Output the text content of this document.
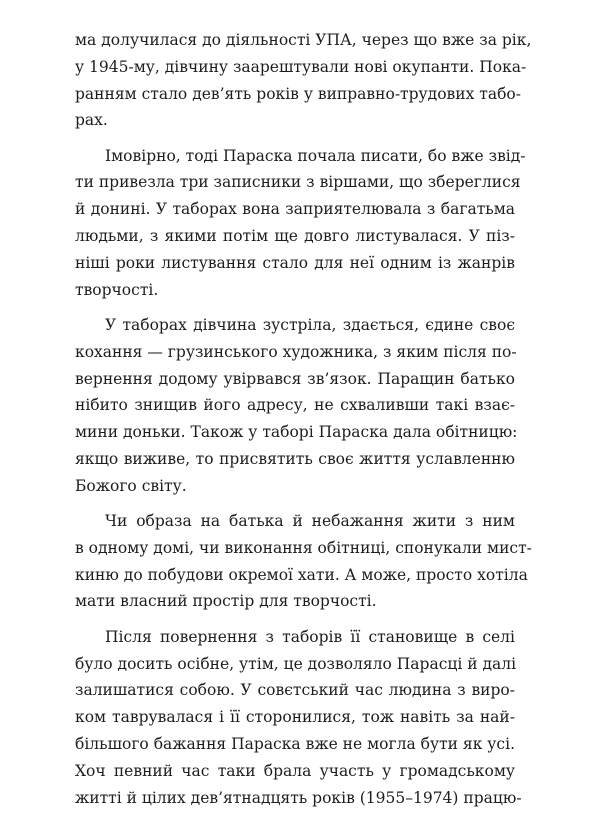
ма долучилася до діяльності УПА, через що вже за рік,
у 1945-му, дівчину заарештували нові окупанти. Пока-
ранням стало дев’ять років у виправно-трудових табо-
рах.
Імовірно, тоді Параска почала писати, бо вже звід-
ти привезла три записники з віршами, що збереглися
й донині. У таборах вона заприятелювала з багатьма
людьми, з якими потім ще довго листувалася. У піз-
ніші роки листування стало для неї одним із жанрів
творчості.
У таборах дівчина зустріла, здається, єдине своє
кохання — грузинського художника, з яким після по-
вернення додому увірвався зв’язок. Паращин батько
нібито знищив його адресу, не схваливши такі взає-
мини доньки. Також у таборі Параска дала обітницю:
якщо виживе, то присвятить своє життя уславленню
Божого світу.
Чи образа на батька й небажання жити з ним
в одному домі, чи виконання обітниці, спонукали мист-
киню до побудови окремої хати. А може, просто хотіла
мати власний простір для творчості.
Після повернення з таборів її становище в селі
було досить осібне, утім, це дозволяло Парасці й далі
залишатися собою. У совєтський час людина з виро-
ком таврувалася і її сторонилися, тож навіть за най-
більшого бажання Параска вже не могла бути як усі.
Хоч певний час таки брала участь у громадському
житті й цілих дев’ятнадцять років (1955–1974) працю-
